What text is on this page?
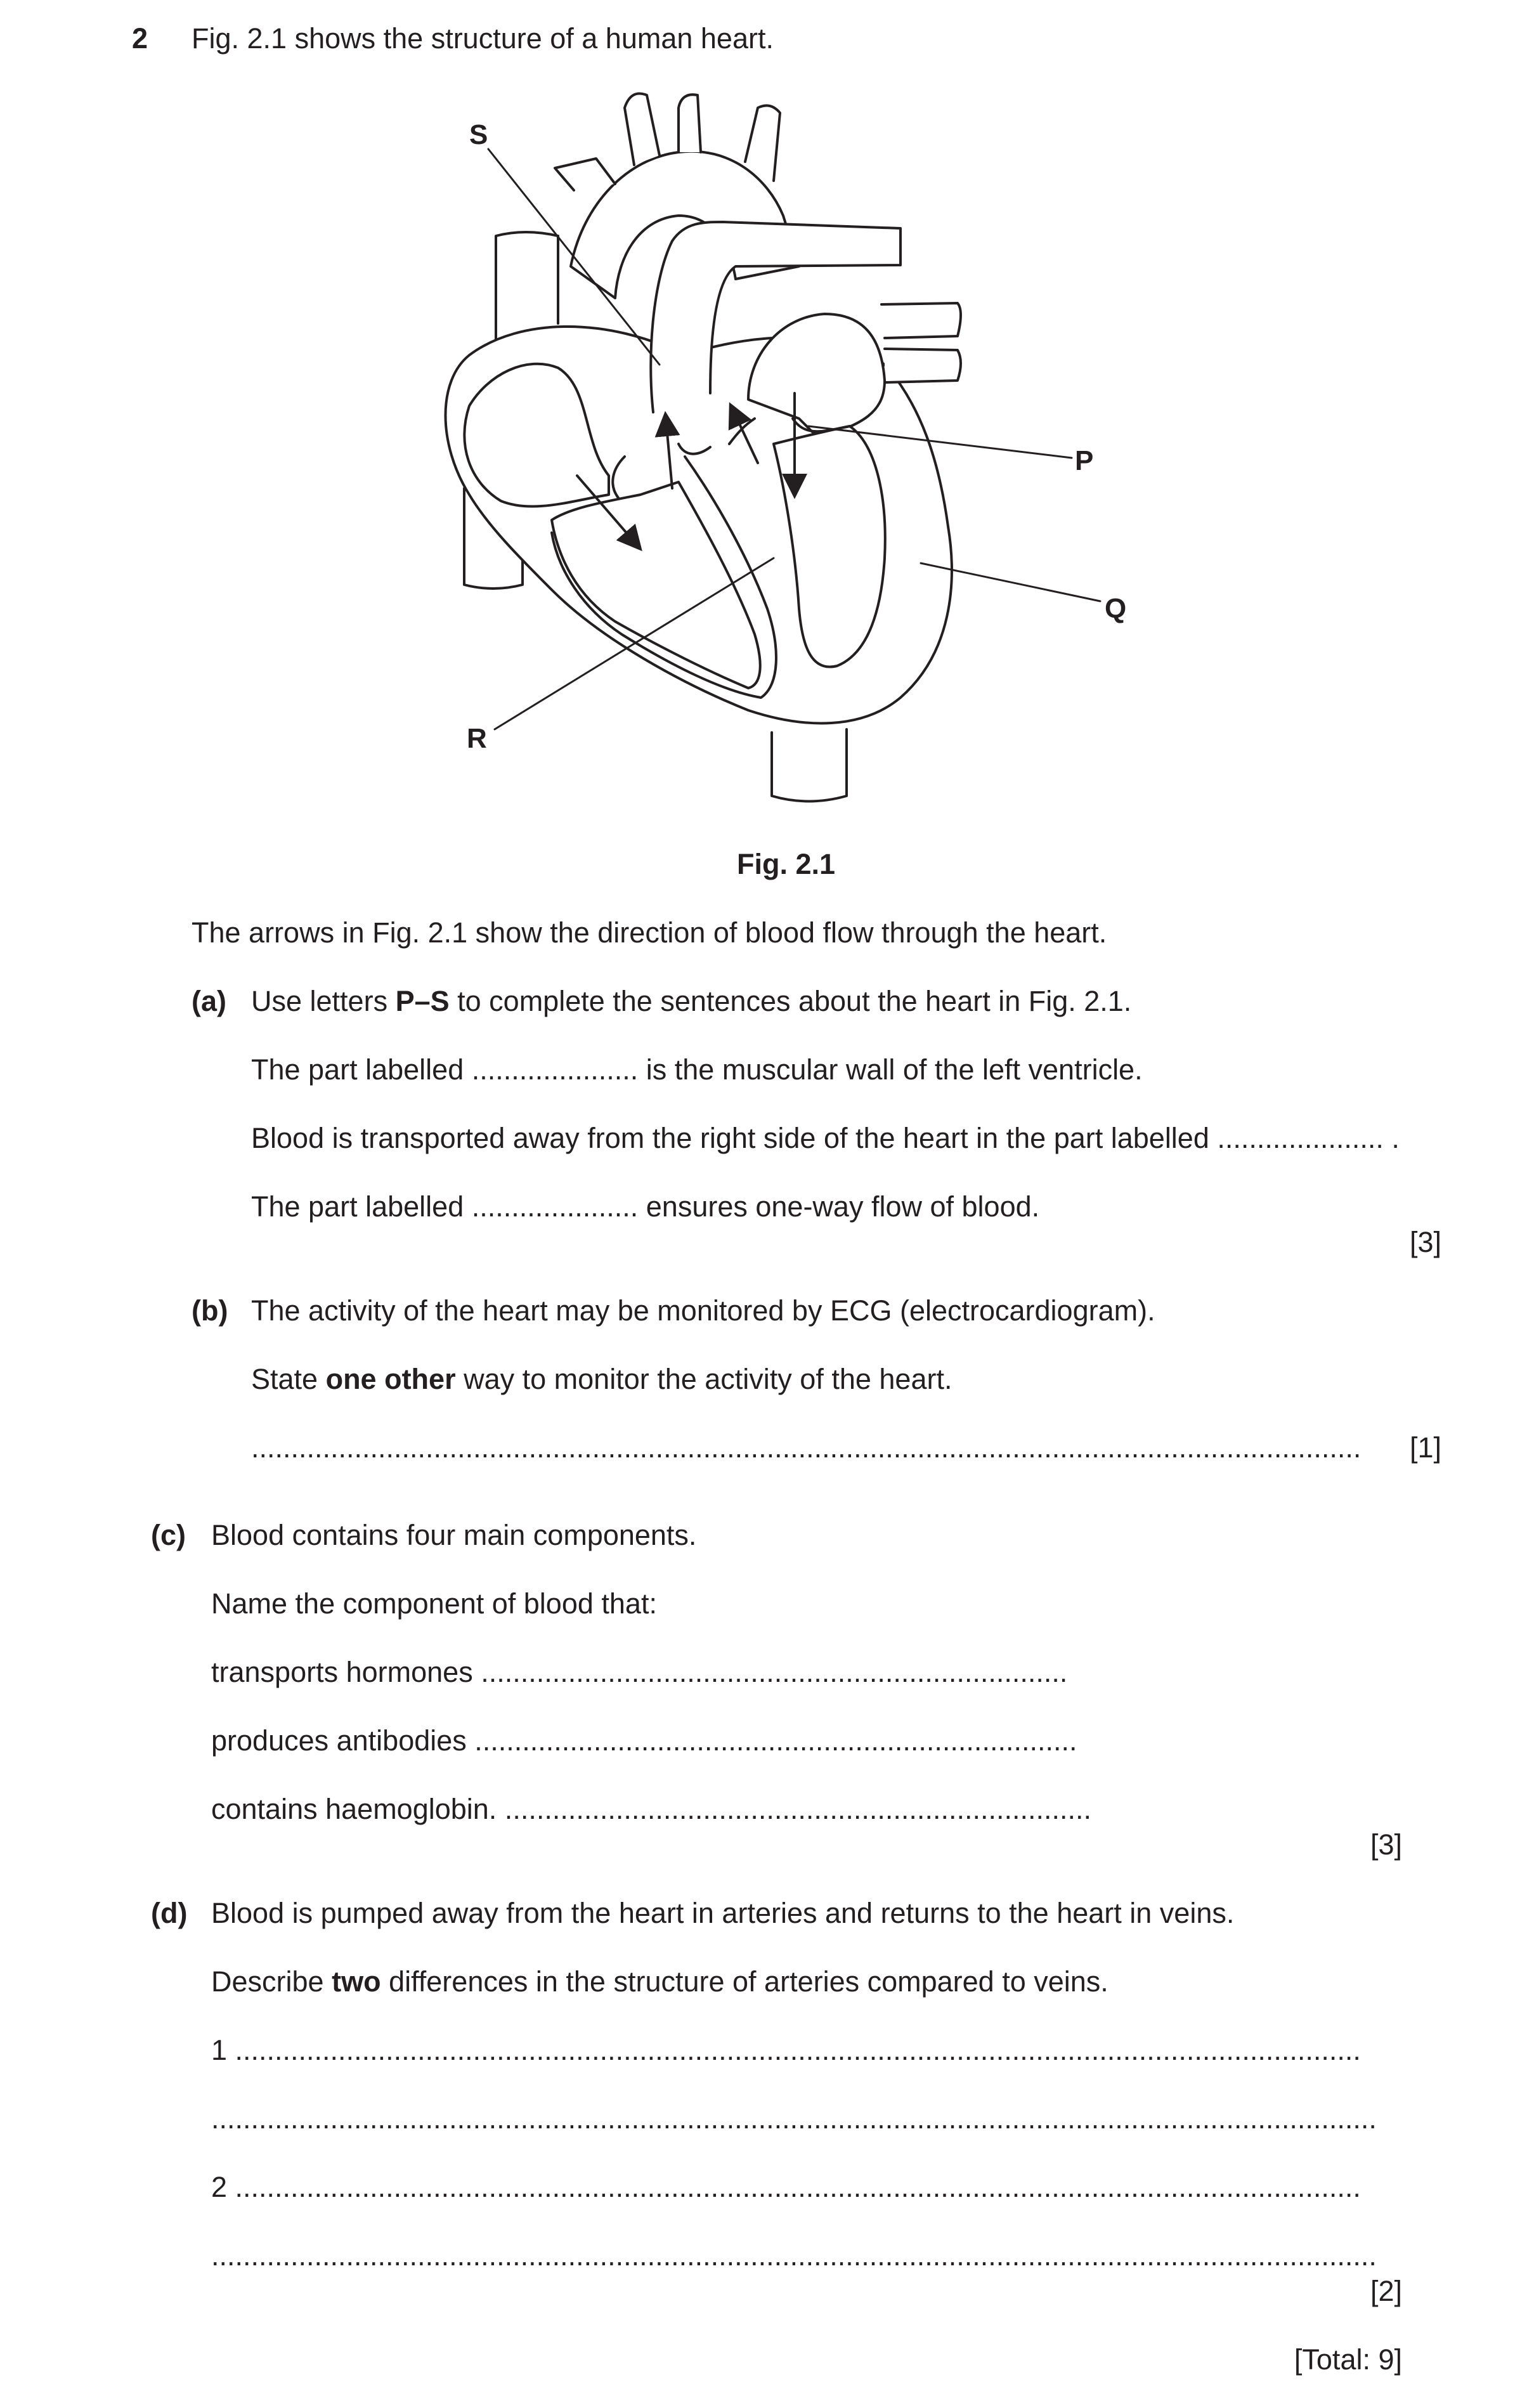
2 Fig. 2.1 shows the structure of a human heart.
S
P
Q
R
Fig. 2.1
The arrows in Fig. 2.1 show the direction of blood flow through the heart.
(a) Use letters P–S to complete the sentences about the heart in Fig. 2.1.
The part labelled ..................... is the muscular wall of the left ventricle.
Blood is transported away from the right side of the heart in the part labelled ..................... .
The part labelled ..................... ensures one-way flow of blood.
[3]
(b) The activity of the heart may be monitored by ECG (electrocardiogram).
State one other way to monitor the activity of the heart.
............................................................................................................................................ [1]
(c) Blood contains four main components.
Name the component of blood that:
transports hormones ..........................................................................
produces antibodies ............................................................................
contains haemoglobin. ..........................................................................
[3]
(d) Blood is pumped away from the heart in arteries and returns to the heart in veins.
Describe two differences in the structure of arteries compared to veins.
1 ..............................................................................................................................................
...................................................................................................................................................
2 ..............................................................................................................................................
...................................................................................................................................................
[2]
[Total: 9]
